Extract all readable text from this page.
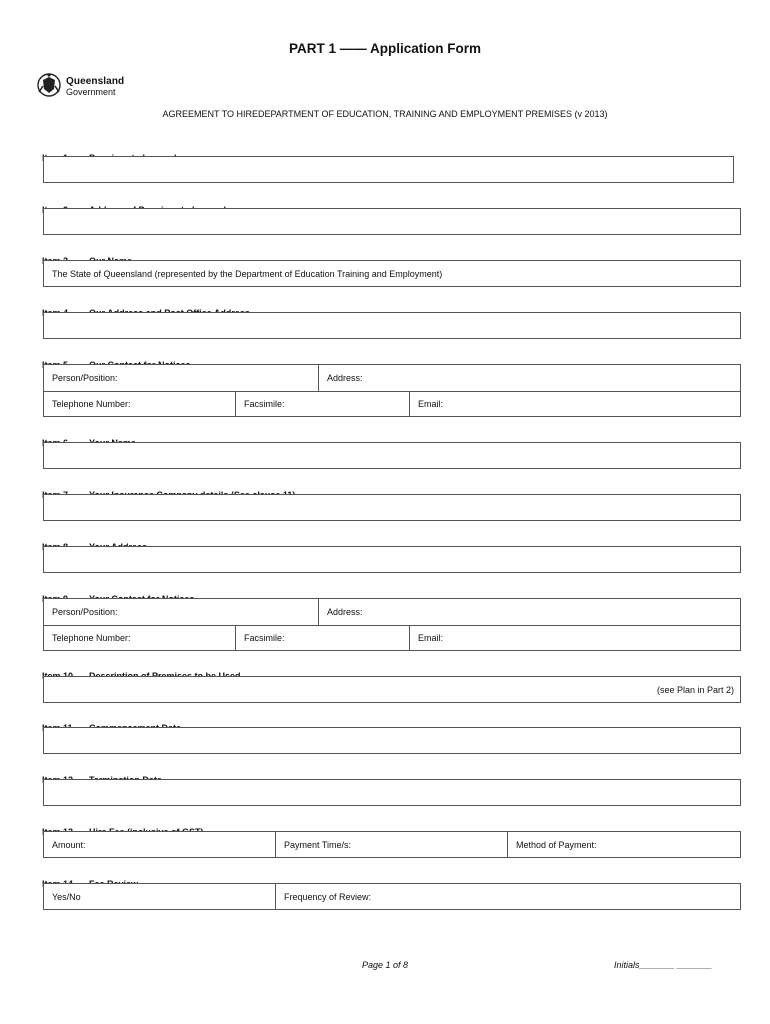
PART 1 —— Application Form
Queensland
Government
AGREEMENT TO HIREDEPARTMENT OF EDUCATION, TRAINING AND EMPLOYMENT PREMISES (v 2013)

The State of Queensland (represented by the Department of Education Training and Employment)

Person/Position:	Address:
Telephone Number:	Facsimile:	Email:

Person/Position:	Address:
Telephone Number:	Facsimile:	Email:

(see Plan in Part 2)

Amount:	Payment Time/s:	Method of Payment:

Yes/No	Frequency of Review:
Page 1 of 8	Initials_______ _______
